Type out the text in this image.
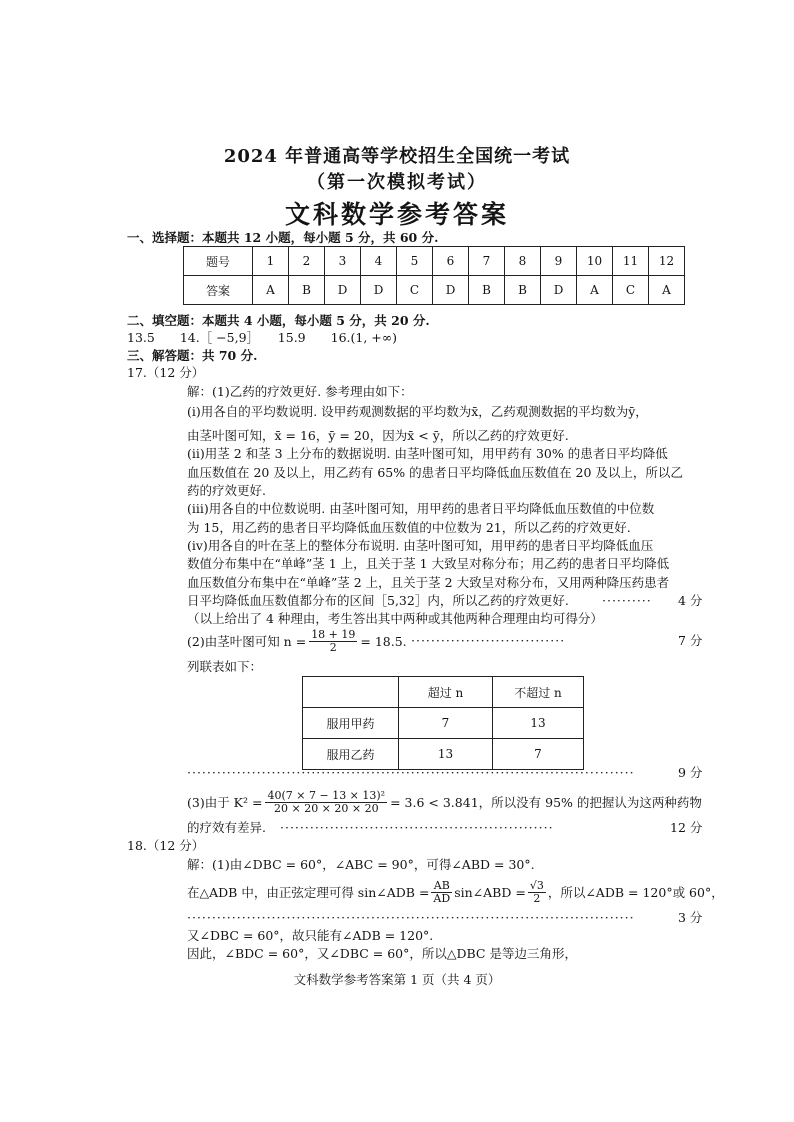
2024 年普通高等学校招生全国统一考试
（第一次模拟考试）
文科数学参考答案
一、选择题：本题共 12 小题，每小题 5 分，共 60 分.
题号	1	2	3	4	5	6	7	8	9	10	11	12
答案	A	B	D	D	C	D	B	B	D	A	C	A
二、填空题：本题共 4 小题，每小题 5 分，共 20 分.
13.5　　14.［ −5,9］　　15.9　　16.(1, +∞)
三、解答题：共 70 分.
17.（12 分）
解：(1)乙药的疗效更好. 参考理由如下：
(i)用各自的平均数说明. 设甲药观测数据的平均数为x̄，乙药观测数据的平均数为ȳ，
由茎叶图可知，x̄ = 16，ȳ = 20，因为x̄ < ȳ，所以乙药的疗效更好.
(ii)用茎 2 和茎 3 上分布的数据说明. 由茎叶图可知，用甲药有 30% 的患者日平均降低
血压数值在 20 及以上，用乙药有 65% 的患者日平均降低血压数值在 20 及以上，所以乙
药的疗效更好.
(iii)用各自的中位数说明. 由茎叶图可知，用甲药的患者日平均降低血压数值的中位数
为 15，用乙药的患者日平均降低血压数值的中位数为 21，所以乙药的疗效更好.
(iv)用各自的叶在茎上的整体分布说明. 由茎叶图可知，用甲药的患者日平均降低血压
数值分布集中在“单峰”茎 1 上，且关于茎 1 大致呈对称分布；用乙药的患者日平均降低
血压数值分布集中在“单峰”茎 2 上，且关于茎 2 大致呈对称分布，又用两种降压药患者
日平均降低血压数值都分布的区间［5,32］内，所以乙药的疗效更好.	·········· 4 分
（以上给出了 4 种理由，考生答出其中两种或其他两种合理理由均可得分）
(2)由茎叶图可知 $n = \frac{18 + 19}{2} = 18.5$. ·······························	7 分
列联表如下：
	超过 n	不超过 n
服用甲药	7	13
服用乙药	13	7
··························································································	9 分
(3)由于 $K^2 = \frac{\text{40(7 × 7 − 13 × 13)²}}{20 \times 20 \times 20 \times 20} = 3.6 < 3.841$，所以没有 95% 的把握认为这两种药物
的疗效有差异. ·······················································	12 分
18.（12 分）
解：(1)由∠DBC = 60°，∠ABC = 90°，可得∠ABD = 30°.
在△ADB 中，由正弦定理可得 sin∠ADB = $\frac{AB}{AD}$ sin∠ABD = $\frac{√3}{2}$ ，所以∠ADB = 120°或 60°，
··························································································	3 分
又∠DBC = 60°，故只能有∠ADB = 120°.
因此，∠BDC = 60°，又∠DBC = 60°，所以△DBC 是等边三角形，
文科数学参考答案第 1 页（共 4 页）
